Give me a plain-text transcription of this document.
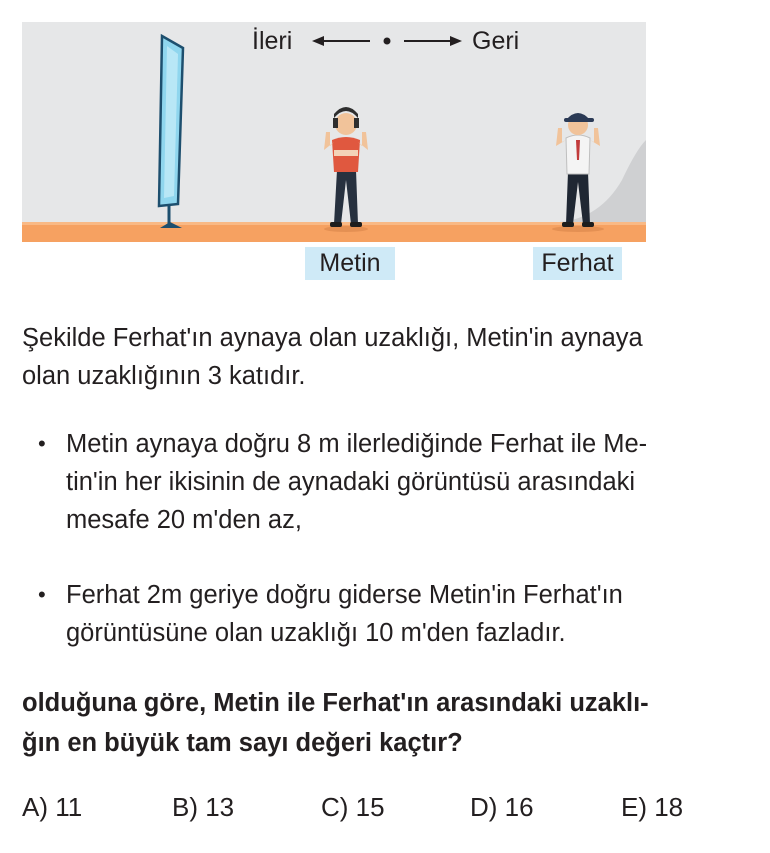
İleri	Geri
Metin	Ferhat
Şekilde Ferhat'ın aynaya olan uzaklığı, Metin'in aynaya
olan uzaklığının 3 katıdır.
• Metin aynaya doğru 8 m ilerlediğinde Ferhat ile Me-
tin'in her ikisinin de aynadaki görüntüsü arasındaki
mesafe 20 m'den az,
• Ferhat 2m geriye doğru giderse Metin'in Ferhat'ın
görüntüsüne olan uzaklığı 10 m'den fazladır.
olduğuna göre, Metin ile Ferhat'ın arasındaki uzaklı-
ğın en büyük tam sayı değeri kaçtır?
A) 11	B) 13	C) 15	D) 16	E) 18
